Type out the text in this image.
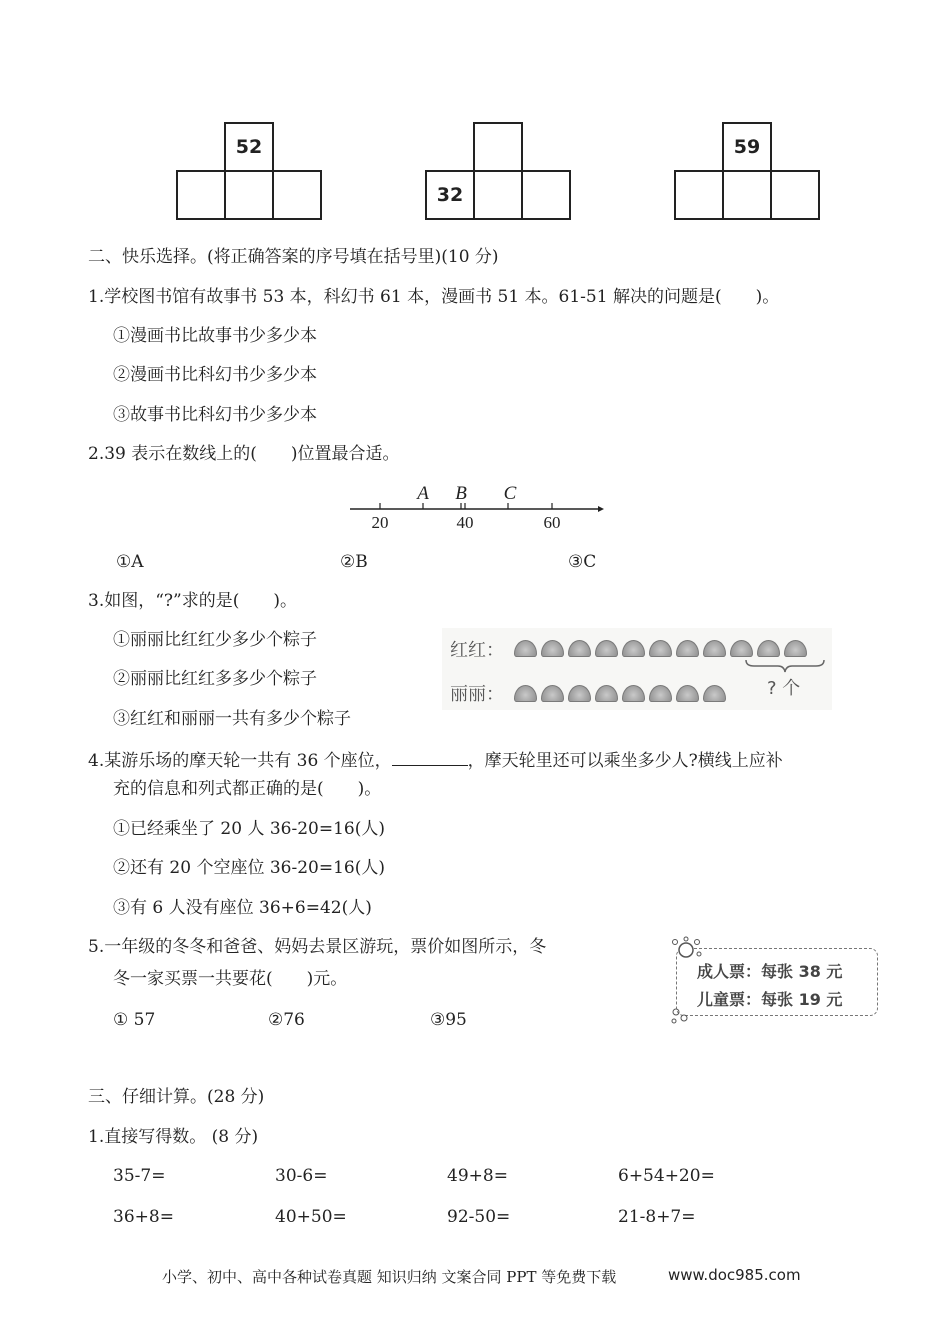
52
32
59
二、快乐选择。(将正确答案的序号填在括号里)(10 分)
1.学校图书馆有故事书 53 本，科幻书 61 本，漫画书 51 本。61-51 解决的问题是(　　)。
①漫画书比故事书少多少本
②漫画书比科幻书少多少本
③故事书比科幻书少多少本
2.39 表示在数线上的(　　)位置最合适。
A B C
20	40	60
①A	②B	③C
3.如图，“?”求的是(　　)。
①丽丽比红红少多少个粽子
②丽丽比红红多多少个粽子
③红红和丽丽一共有多少个粽子
红红：
丽丽：	? 个
4.某游乐场的摩天轮一共有 36 个座位，	，摩天轮里还可以乘坐多少人?横线上应补
充的信息和列式都正确的是(　　)。
①已经乘坐了 20 人 36-20=16(人)
②还有 20 个空座位 36-20=16(人)
③有 6 人没有座位 36+6=42(人)
5.一年级的冬冬和爸爸、妈妈去景区游玩，票价如图所示，冬
冬一家买票一共要花(　　)元。
① 57	②76	③95
成人票：每张 38 元
儿童票：每张 19 元
三、仔细计算。(28 分)
1.直接写得数。 (8 分)
35-7=	30-6=	49+8=	6+54+20=
36+8=	40+50=	92-50=	21-8+7=
小学、初中、高中各种试卷真题 知识归纳 文案合同 PPT 等免费下载	www.doc985.com
